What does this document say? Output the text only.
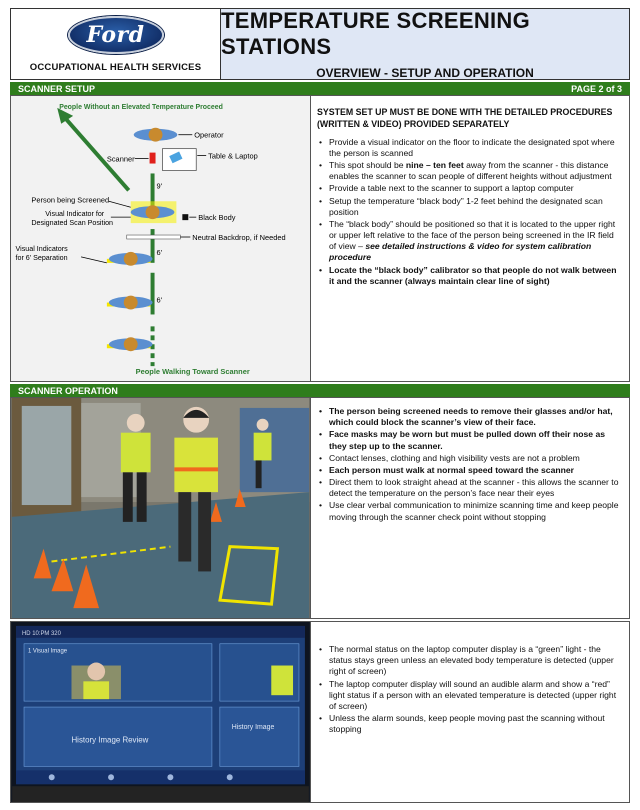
Ford
OCCUPATIONAL HEALTH SERVICES
TEMPERATURE SCREENING STATIONS
OVERVIEW - SETUP AND OPERATION
SCANNER SETUP	PAGE 2 of 3
People Without an Elevated Temperature Proceed
Operator
Scanner	Table & Laptop
9'
6'
6'
Person being Screened
Visual Indicator for
Designated Scan Position
Black Body
Neutral Backdrop, if Needed
Visual Indicators
for 6' Separation
People Walking Toward Scanner
SYSTEM SET UP MUST BE DONE WITH THE DETAILED PROCEDURES (WRITTEN & VIDEO) PROVIDED SEPARATELY
• Provide a visual indicator on the floor to indicate the designated spot where the person is scanned
• This spot should be nine – ten feet away from the scanner - this distance enables the scanner to scan people of different heights without adjustment
• Provide a table next to the scanner to support a laptop computer
• Setup the temperature “black body” 1-2 feet behind the designated scan position
• The “black body” should be positioned so that it is located to the upper right or upper left relative to the face of the person being screened in the IR field of view – see detailed instructions & video for system calibration procedure
• Locate the “black body” calibrator so that people do not walk between it and the scanner (always maintain clear line of sight)
SCANNER OPERATION
• The person being screened needs to remove their glasses and/or hat, which could block the scanner’s view of their face.
• Face masks may be worn but must be pulled down off their nose as they step up to the scanner.
• Contact lenses, clothing and high visibility vests are not a problem
• Each person must walk at normal speed toward the scanner
• Direct them to look straight ahead at the scanner - this allows the scanner to detect the temperature on the person’s face near their eyes
• Use clear verbal communication to minimize scanning time and keep people moving through the scanner check point without stopping
HD 10:PM 320
1 Visual Image
History Image Review
History Image
• The normal status on the laptop computer display is a “green” light - the status stays green unless an elevated body temperature is detected (upper right of screen)
• The laptop computer display will sound an audible alarm and show a “red” light status if a person with an elevated temperature is detected (upper right of screen)
• Unless the alarm sounds, keep people moving past the scanning without stopping
